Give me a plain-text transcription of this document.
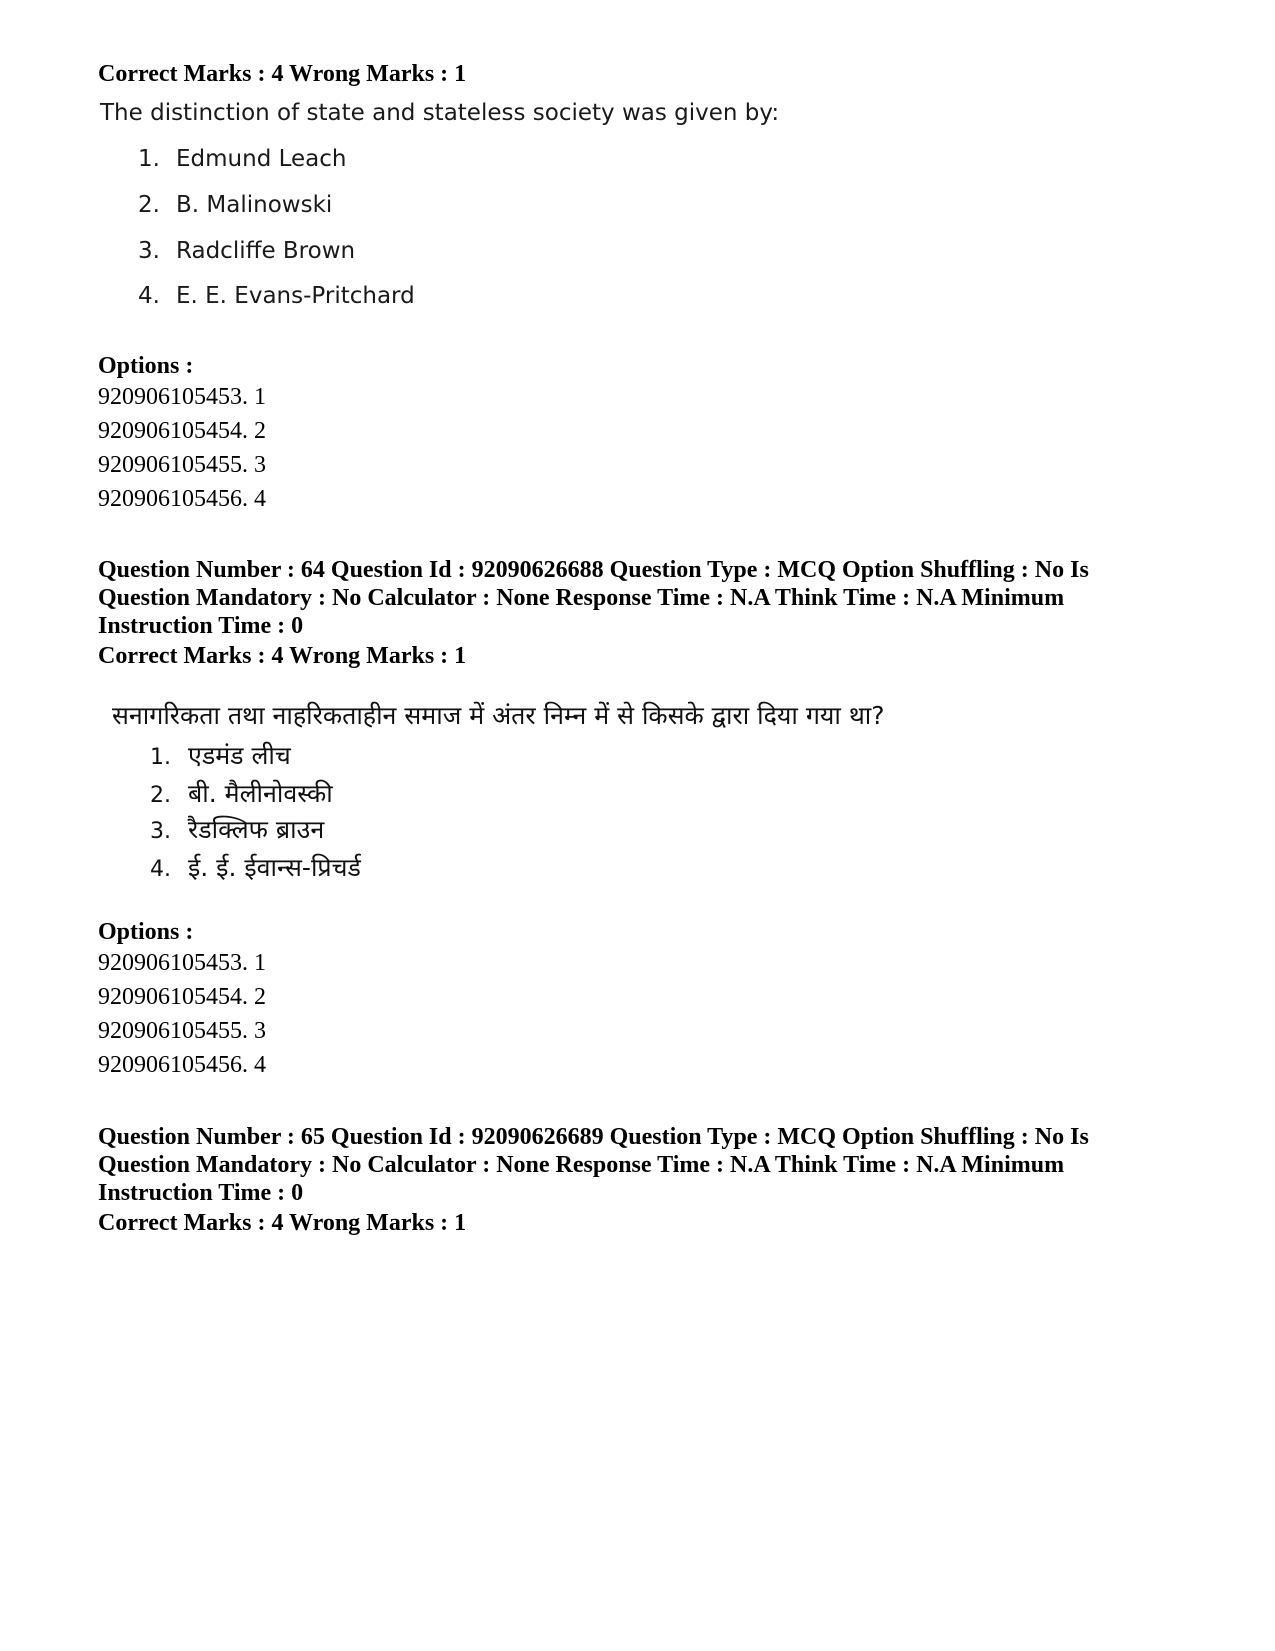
Correct Marks : 4 Wrong Marks : 1
The distinction of state and stateless society was given by:
1. Edmund Leach
2. B. Malinowski
3. Radcliffe Brown
4. E. E. Evans-Pritchard
Options :
920906105453. 1
920906105454. 2
920906105455. 3
920906105456. 4
Question Number : 64 Question Id : 92090626688 Question Type : MCQ Option Shuffling : No Is
Question Mandatory : No Calculator : None Response Time : N.A Think Time : N.A Minimum
Instruction Time : 0
Correct Marks : 4 Wrong Marks : 1
सनागरिकता तथा नाहरिकताहीन समाज में अंतर निम्न में से किसके द्वारा दिया गया था?
1. एडमंड लीच
2. बी. मैलीनोवस्की
3. रैडक्लिफ ब्राउन
4. ई. ई. ईवान्स-प्रिचर्ड
Options :
920906105453. 1
920906105454. 2
920906105455. 3
920906105456. 4
Question Number : 65 Question Id : 92090626689 Question Type : MCQ Option Shuffling : No Is
Question Mandatory : No Calculator : None Response Time : N.A Think Time : N.A Minimum
Instruction Time : 0
Correct Marks : 4 Wrong Marks : 1
